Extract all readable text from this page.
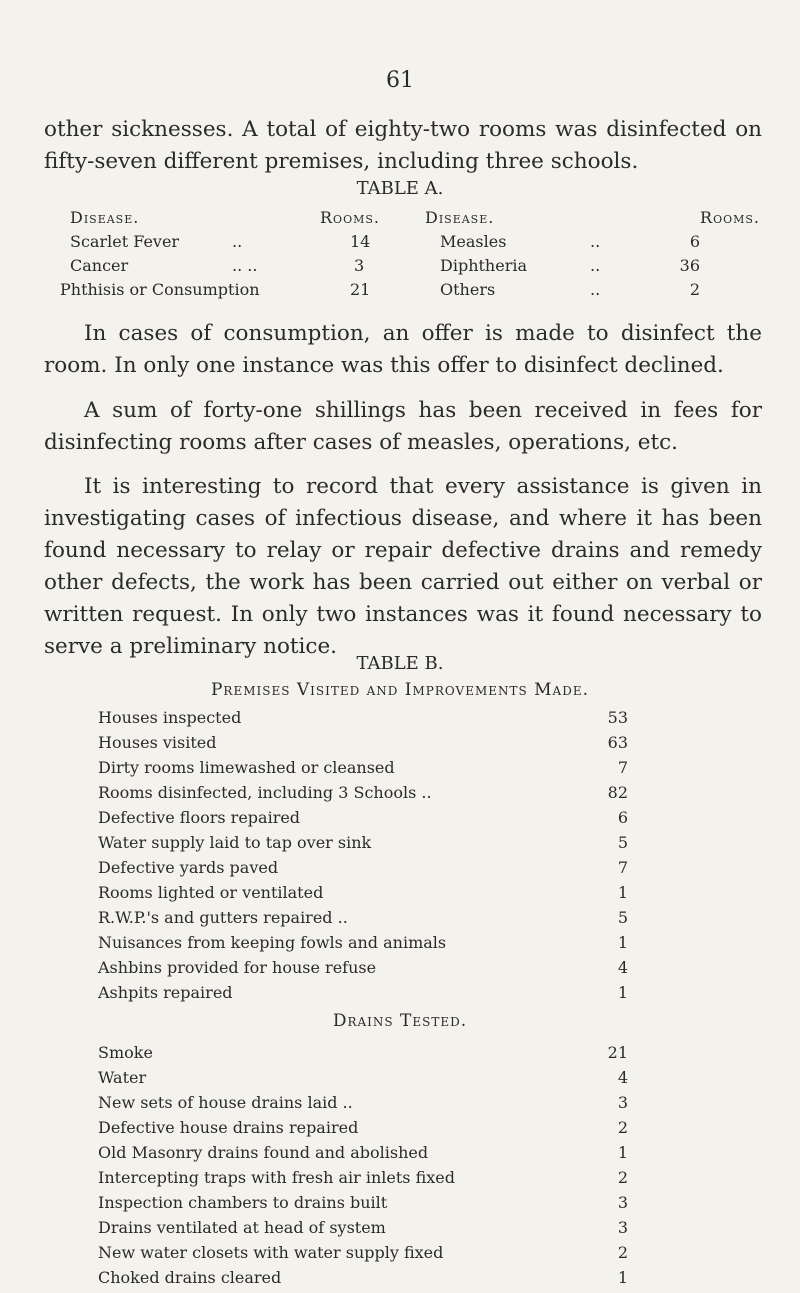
61

other sicknesses. A total of eighty-two rooms was disinfected on fifty-seven different premises, including three schools.

TABLE A.
Disease.	Rooms.	Disease.	Rooms.
Scarlet Fever	..	14	Measles	..	6
Cancer	.. ..	3	Diphtheria	..	36
Phthisis or Consumption	21	Others	..	2

In cases of consumption, an offer is made to disinfect the room. In only one instance was this offer to disinfect declined.

A sum of forty-one shillings has been received in fees for disinfecting rooms after cases of measles, operations, etc.

It is interesting to record that every assistance is given in investigating cases of infectious disease, and where it has been found necessary to relay or repair defective drains and remedy other defects, the work has been carried out either on verbal or written request. In only two instances was it found necessary to serve a preliminary notice.

TABLE B.
Premises Visited and Improvements Made.
Houses inspected	53
Houses visited	63
Dirty rooms limewashed or cleansed	7
Rooms disinfected, including 3 Schools ..	82
Defective floors repaired	6
Water supply laid to tap over sink	5
Defective yards paved	7
Rooms lighted or ventilated	1
R.W.P.'s and gutters repaired ..	5
Nuisances from keeping fowls and animals	1
Ashbins provided for house refuse	4
Ashpits repaired	1
Drains Tested.
Smoke	21
Water	4
New sets of house drains laid ..	3
Defective house drains repaired	2
Old Masonry drains found and abolished	1
Intercepting traps with fresh air inlets fixed	2
Inspection chambers to drains built	3
Drains ventilated at head of system	3
New water closets with water supply fixed	2
Choked drains cleared	1
